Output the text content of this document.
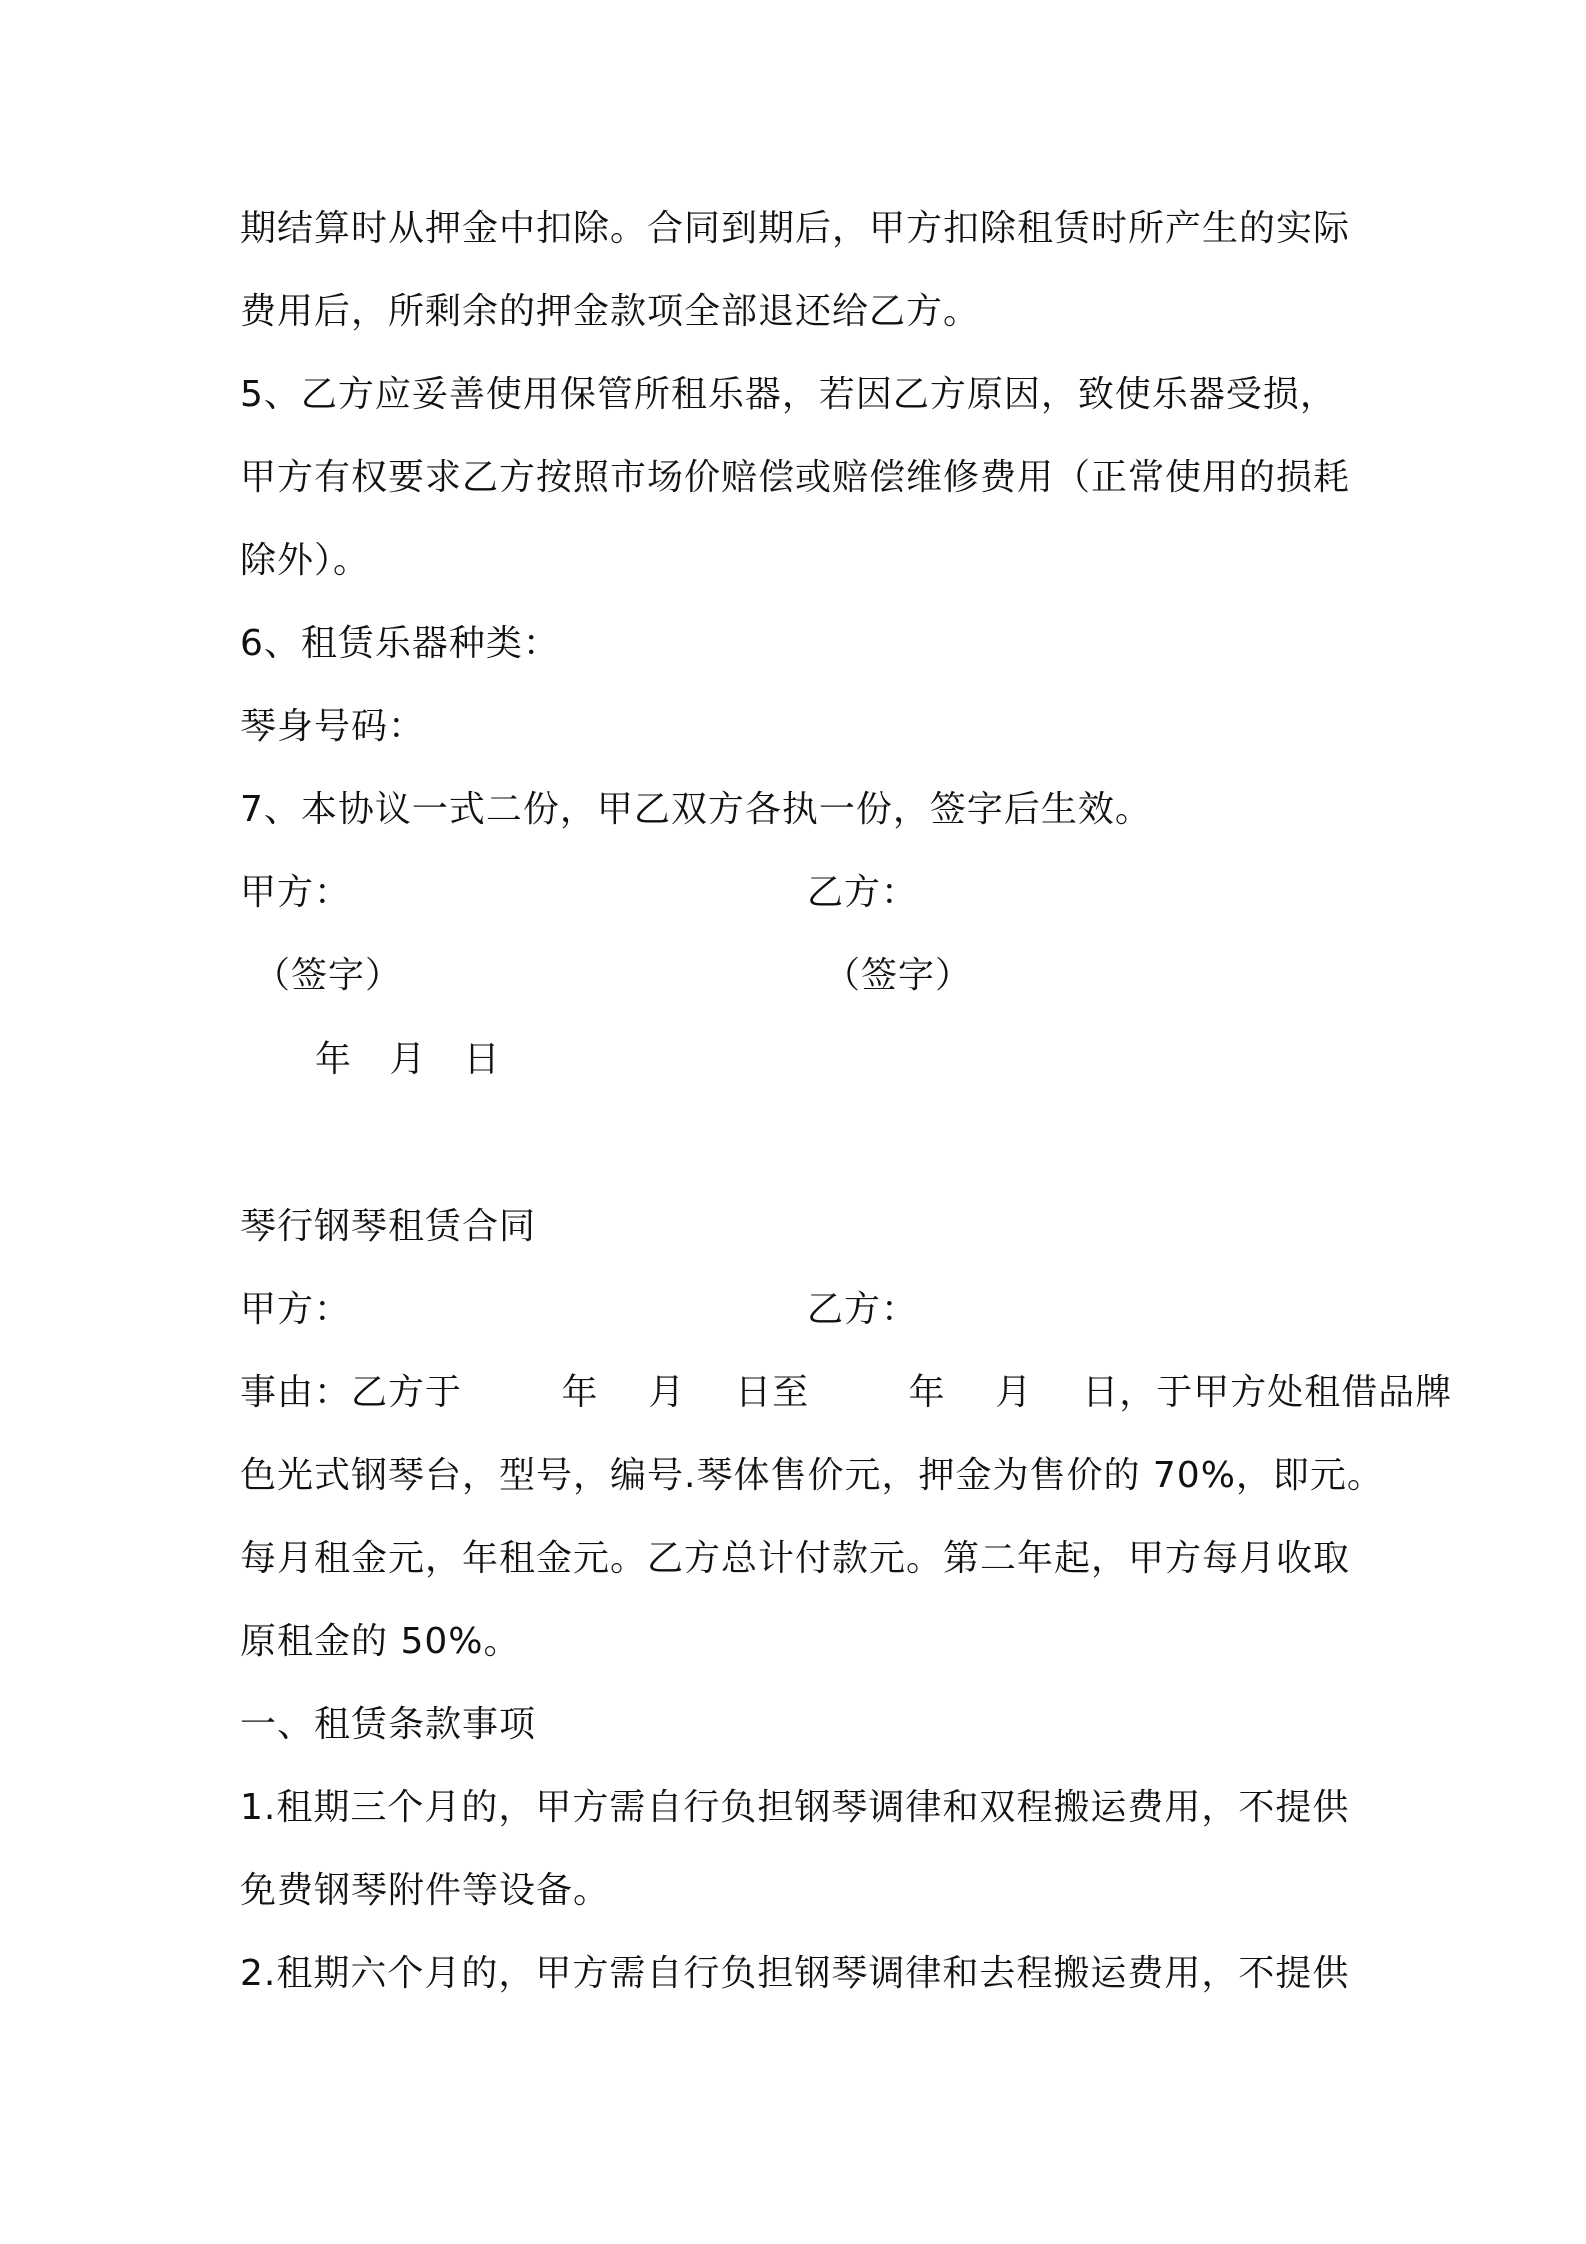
期结算时从押金中扣除。合同到期后，甲方扣除租赁时所产生的实际
费用后，所剩余的押金款项全部退还给乙方。
5、乙方应妥善使用保管所租乐器，若因乙方原因，致使乐器受损，
甲方有权要求乙方按照市场价赔偿或赔偿维修费用（正常使用的损耗
除外）。
6、租赁乐器种类：
琴身号码：
7、本协议一式二份，甲乙双方各执一份，签字后生效。
甲方：	乙方：
（签字）	（签字）
年   月   日
琴行钢琴租赁合同
甲方：	乙方：
事由：乙方于        年    月    日至        年    月    日，于甲方处租借品牌
色光式钢琴台，型号，编号.琴体售价元，押金为售价的 70%，即元。
每月租金元，年租金元。乙方总计付款元。第二年起，甲方每月收取
原租金的 50%。
一、租赁条款事项
1.租期三个月的，甲方需自行负担钢琴调律和双程搬运费用，不提供
免费钢琴附件等设备。
2.租期六个月的，甲方需自行负担钢琴调律和去程搬运费用，不提供
